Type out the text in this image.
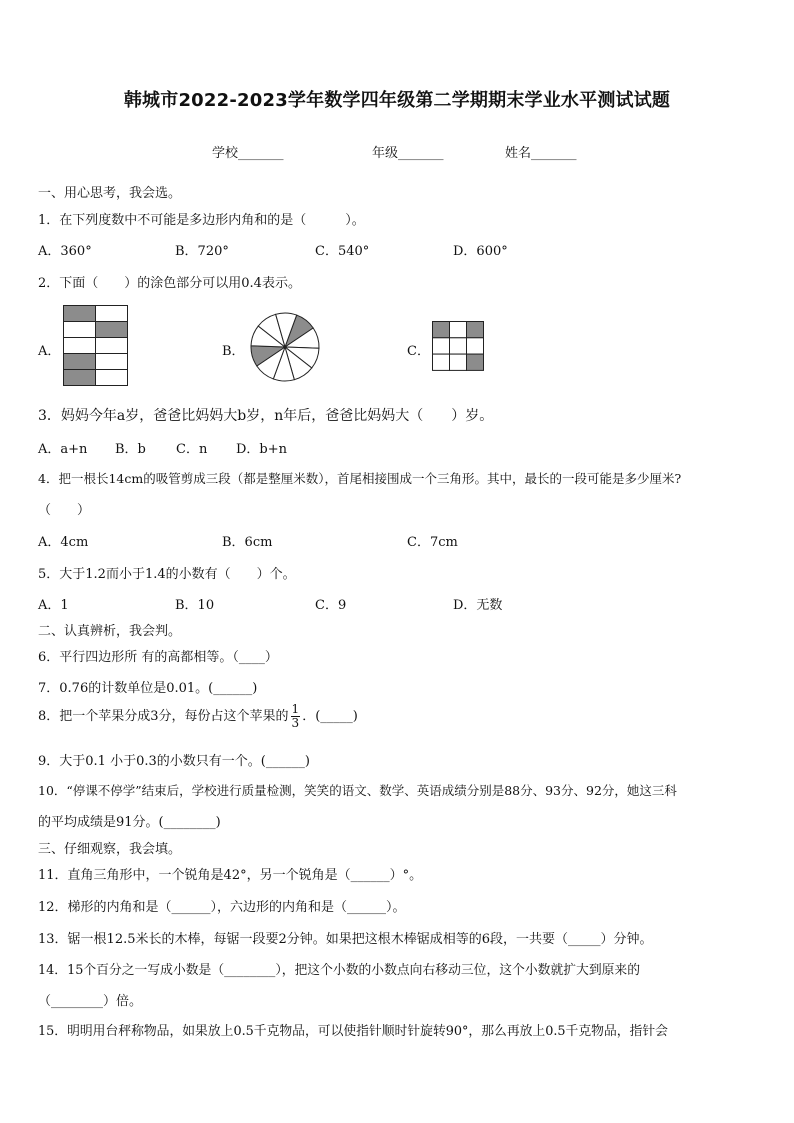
韩城市2022-2023学年数学四年级第二学期期末学业水平测试试题
学校_______	年级_______	姓名_______
一、用心思考，我会选。
1．在下列度数中不可能是多边形内角和的是（　　　）。
A．360°	B．720°	C．540°	D．600°
2．下面（　　）的涂色部分可以用0.4表示。
A．	B．	C．
3．妈妈今年a岁，爸爸比妈妈大b岁，n年后，爸爸比妈妈大（　　）岁。
A．a+n B．b C．n D．b+n
4．把一根长14cm的吸管剪成三段（都是整厘米数），首尾相接围成一个三角形。其中，最长的一段可能是多少厘米?
（　　）
A．4cm	B．6cm	C．7cm
5．大于1.2而小于1.4的小数有（　　）个。
A．1	B．10	C．9	D．无数
二、认真辨析，我会判。
6．平行四边形所 有的高都相等。（____）
7．0.76的计数单位是0.01。(______)
8．把一个苹果分成3分，每份占这个苹果的 $\frac{1}{3}$ ．(_____)
9．大于0.1 小于0.3的小数只有一个。(______)
10．“停课不停学”结束后，学校进行质量检测，笑笑的语文、数学、英语成绩分别是88分、93分、92分，她这三科
的平均成绩是91分。(________)
三、仔细观察，我会填。
11．直角三角形中，一个锐角是42°，另一个锐角是（______）°。
12．梯形的内角和是（______），六边形的内角和是（______）。
13．锯一根12.5米长的木棒，每锯一段要2分钟。如果把这根木棒锯成相等的6段，一共要（_____）分钟。
14．15个百分之一写成小数是（________），把这个小数的小数点向右移动三位，这个小数就扩大到原来的
（________）倍。
15．明明用台秤称物品，如果放上0.5千克物品，可以使指针顺时针旋转90°，那么再放上0.5千克物品，指针会
